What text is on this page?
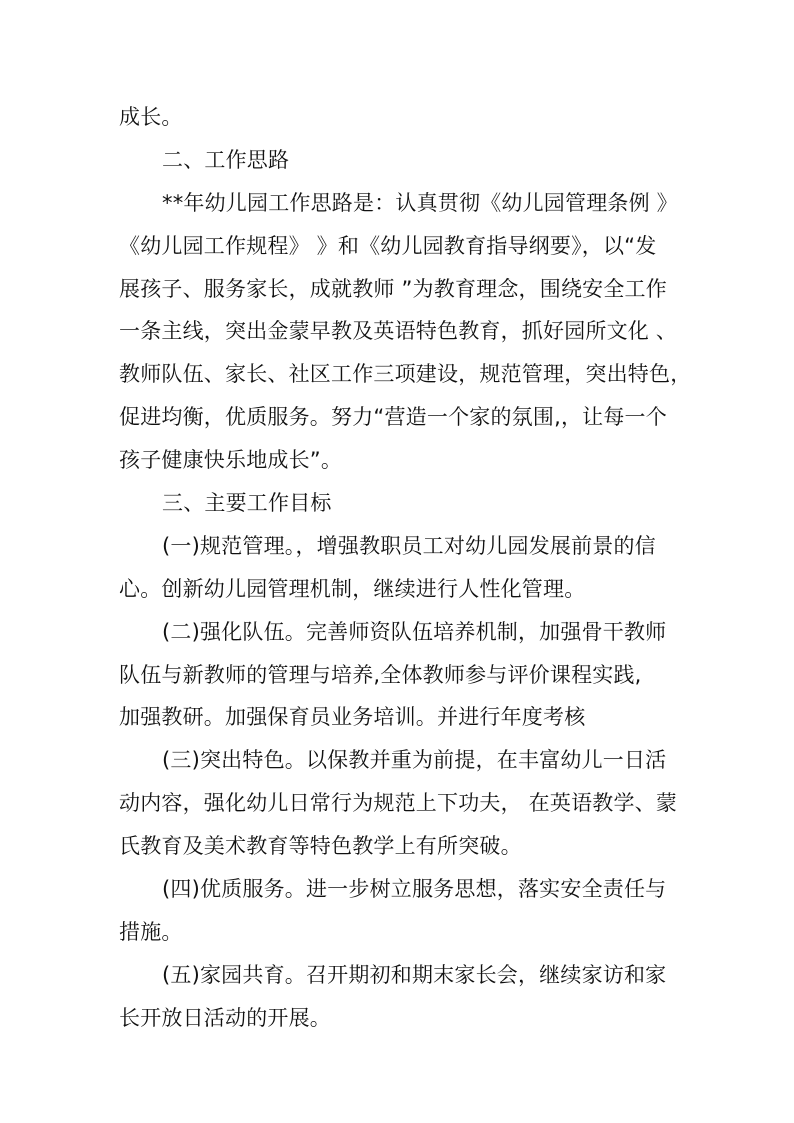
成长。
二、工作思路
**年幼儿园工作思路是：认真贯彻《幼儿园管理条例 》
《幼儿园工作规程》 》和《幼儿园教育指导纲要》，以“发
展孩子、服务家长，成就教师 ”为教育理念，围绕安全工作
一条主线，突出金蒙早教及英语特色教育，抓好园所文化 、
教师队伍、家长、社区工作三项建设，规范管理，突出特色，
促进均衡，优质服务。努力“营造一个家的氛围,，让每一个
孩子健康快乐地成长”。
三、主要工作目标
(一)规范管理。，增强教职员工对幼儿园发展前景的信
心。创新幼儿园管理机制，继续进行人性化管理。
(二)强化队伍。完善师资队伍培养机制，加强骨干教师
队伍与新教师的管理与培养,全体教师参与评价课程实践,
加强教研。加强保育员业务培训。并进行年度考核
(三)突出特色。以保教并重为前提，在丰富幼儿一日活
动内容，强化幼儿日常行为规范上下功夫， 在英语教学、蒙
氏教育及美术教育等特色教学上有所突破。
(四)优质服务。进一步树立服务思想，落实安全责任与
措施。
(五)家园共育。召开期初和期末家长会，继续家访和家
长开放日活动的开展。
